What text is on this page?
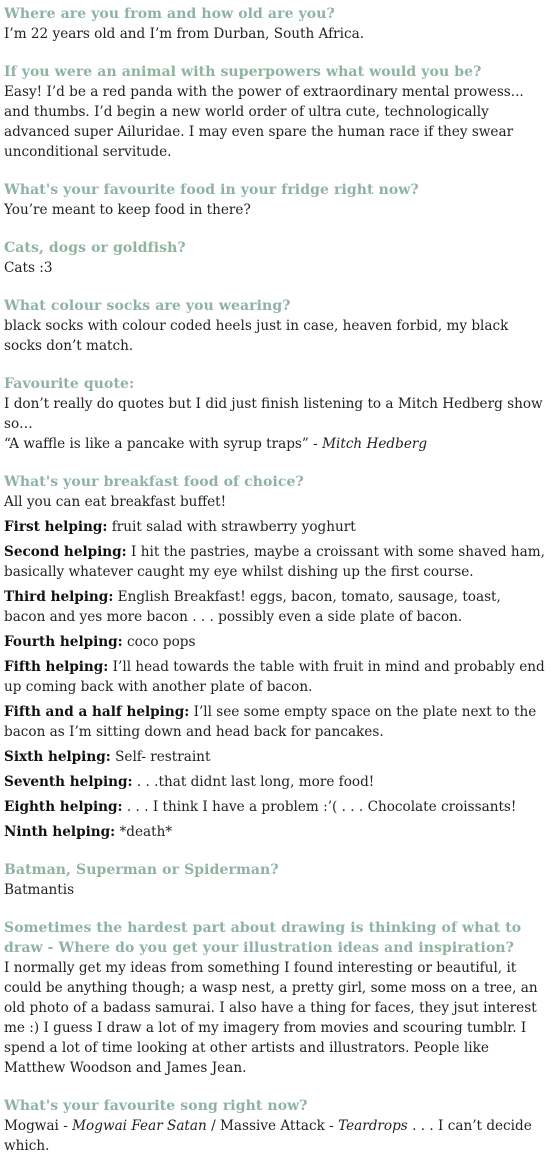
Where are you from and how old are you?

I’m 22 years old and I’m from Durban, South Africa.

If you were an animal with superpowers what would you be?

Easy! I’d be a red panda with the power of extraordinary mental prowess... and thumbs. I’d begin a new world order of ultra cute, technologically advanced super Ailuridae. I may even spare the human race if they swear unconditional servitude.

What's your favourite food in your fridge right now?

You’re meant to keep food in there?

Cats, dogs or goldfish?

Cats :3

What colour socks are you wearing?

black socks with colour coded heels just in case, heaven forbid, my black socks don’t match.

Favourite quote:

I don’t really do quotes but I did just finish listening to a Mitch Hedberg show so…

“A waffle is like a pancake with syrup traps” - Mitch Hedberg

What's your breakfast food of choice?

All you can eat breakfast buffet!

First helping: fruit salad with strawberry yoghurt

Second helping: I hit the pastries, maybe a croissant with some shaved ham, basically whatever caught my eye whilst dishing up the first course.

Third helping: English Breakfast! eggs, bacon, tomato, sausage, toast, bacon and yes more bacon . . . possibly even a side plate of bacon.

Fourth helping: coco pops

Fifth helping: I’ll head towards the table with fruit in mind and probably end up coming back with another plate of bacon.

Fifth and a half helping: I’ll see some empty space on the plate next to the bacon as I’m sitting down and head back for pancakes.

Sixth helping: Self- restraint

Seventh helping: . . .that didnt last long, more food!

Eighth helping: . . . I think I have a problem :’( . . . Chocolate croissants!

Ninth helping: *death*

Batman, Superman or Spiderman?

Batmantis

Sometimes the hardest part about drawing is thinking of what to draw - Where do you get your illustration ideas and inspiration?

I normally get my ideas from something I found interesting or beautiful, it could be anything though; a wasp nest, a pretty girl, some moss on a tree, an old photo of a badass samurai. I also have a thing for faces, they jsut interest me :) I guess I draw a lot of my imagery from movies and scouring tumblr. I spend a lot of time looking at other artists and illustrators. People like Matthew Woodson and James Jean.

What's your favourite song right now?

Mogwai - Mogwai Fear Satan / Massive Attack - Teardrops . . . I can’t decide which.
